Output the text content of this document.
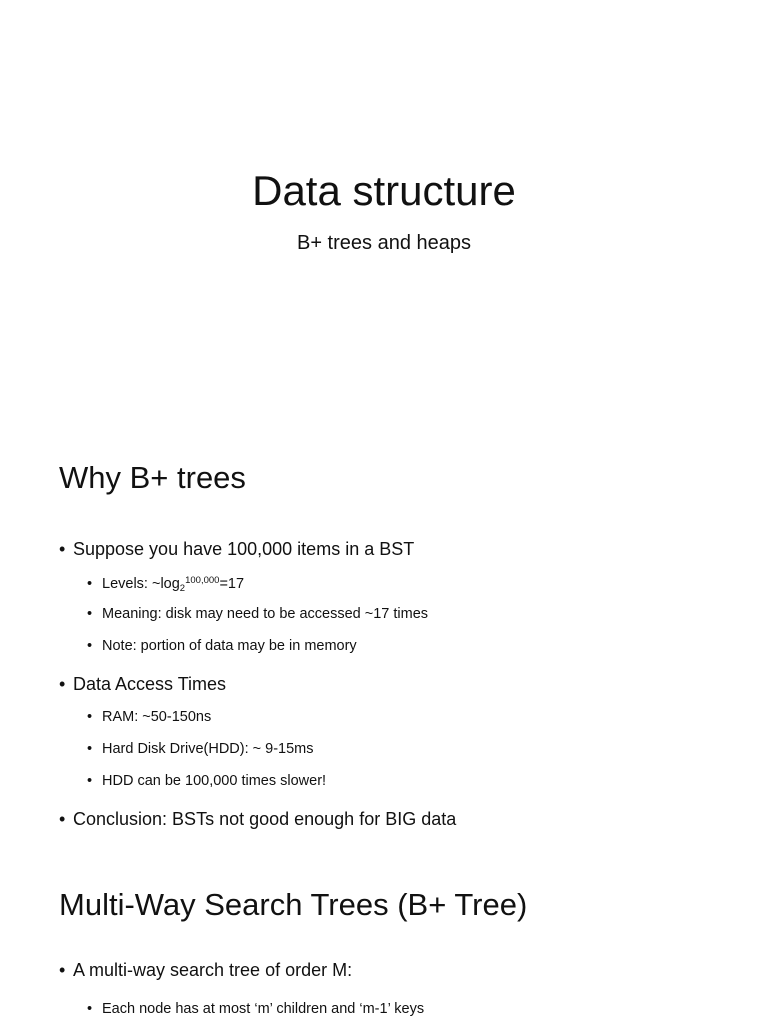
Data structure
B+ trees and heaps
Why B+ trees
• Suppose you have 100,000 items in a BST
• Levels: $\sim\log_2^{100,000}=17$
• Meaning: disk may need to be accessed ~17 times
• Note: portion of data may be in memory
• Data Access Times
• RAM: ~50-150ns
• Hard Disk Drive(HDD): ~ 9-15ms
• HDD can be 100,000 times slower!
• Conclusion: BSTs not good enough for BIG data
Multi-Way Search Trees (B+ Tree)
• A multi-way search tree of order M:
• Each node has at most ‘m’ children and ‘m-1’ keys
